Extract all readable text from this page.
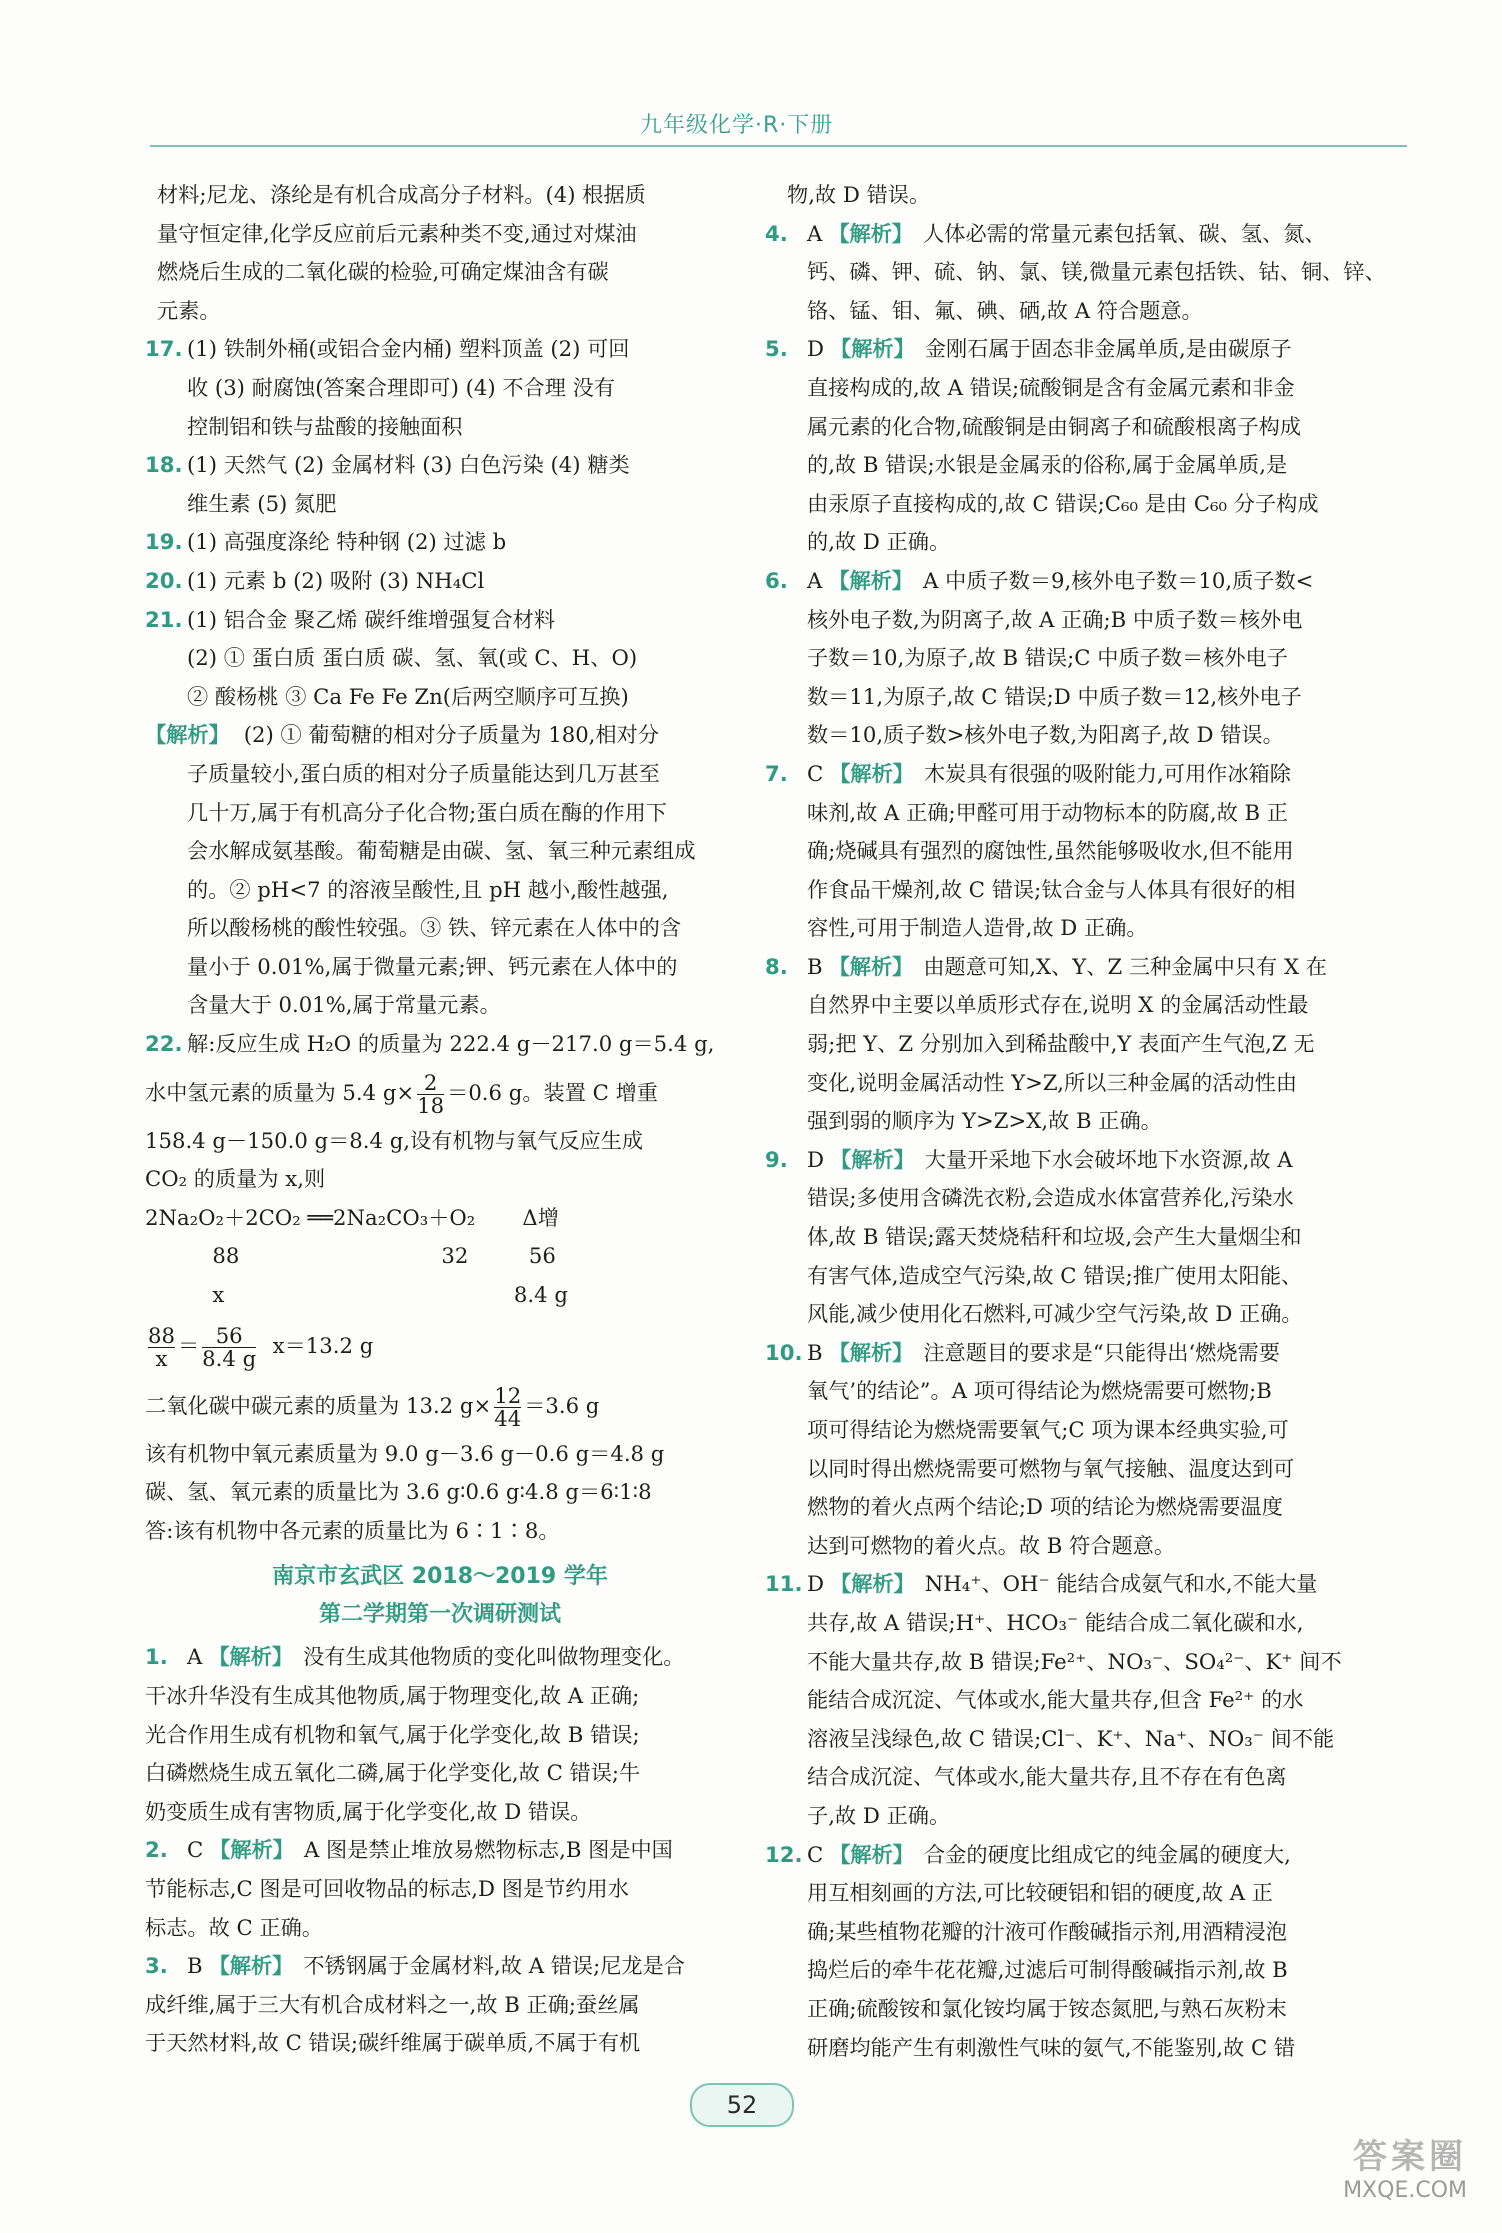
九年级化学·R·下册
材料;尼龙、涤纶是有机合成高分子材料。(4) 根据质
量守恒定律,化学反应前后元素种类不变,通过对煤油
燃烧后生成的二氧化碳的检验,可确定煤油含有碳
元素。
17. (1) 铁制外桶(或铝合金内桶) 塑料顶盖 (2) 可回
收 (3) 耐腐蚀(答案合理即可) (4) 不合理 没有
控制铝和铁与盐酸的接触面积
18. (1) 天然气 (2) 金属材料 (3) 白色污染 (4) 糖类
维生素 (5) 氮肥
19. (1) 高强度涤纶 特种钢 (2) 过滤 b
20. (1) 元素 b (2) 吸附 (3) NH₄Cl
21. (1) 铝合金 聚乙烯 碳纤维增强复合材料
(2) ① 蛋白质 蛋白质 碳、氢、氧(或 C、H、O)
② 酸杨桃 ③ Ca Fe Fe Zn(后两空顺序可互换)
【解析】 (2) ① 葡萄糖的相对分子质量为 180,相对分
子质量较小,蛋白质的相对分子质量能达到几万甚至
几十万,属于有机高分子化合物;蛋白质在酶的作用下
会水解成氨基酸。葡萄糖是由碳、氢、氧三种元素组成
的。② pH<7 的溶液呈酸性,且 pH 越小,酸性越强,
所以酸杨桃的酸性较强。③ 铁、锌元素在人体中的含
量小于 0.01%,属于微量元素;钾、钙元素在人体中的
含量大于 0.01%,属于常量元素。
22. 解:反应生成 H₂O 的质量为 222.4 g－217.0 g＝5.4 g,
水中氢元素的质量为 5.4 $g\times \frac{2}{18} =0.6$ g。装置 C 增重
158.4 g－150.0 g＝8.4 g,设有机物与氧气反应生成
CO₂ 的质量为 x,则
2Na₂O₂＋2CO₂ ══2Na₂CO₃＋O₂       Δ增
88                              32         56
x                                           8.4 g
$\frac{88}{x} = \frac{56}{8.4 g} x=13.2$ g
二氧化碳中碳元素的质量为 13.2 $g\times \frac{12}{44} =3.6$ g
该有机物中氧元素质量为 9.0 g－3.6 g－0.6 g＝4.8 g
碳、氢、氧元素的质量比为 3.6 g∶0.6 g∶4.8 g＝6∶1∶8
答:该有机物中各元素的质量比为 6∶1∶8。
南京市玄武区 2018～2019 学年
第二学期第一次调研测试
1. A 【解析】 没有生成其他物质的变化叫做物理变化。
干冰升华没有生成其他物质,属于物理变化,故 A 正确;
光合作用生成有机物和氧气,属于化学变化,故 B 错误;
白磷燃烧生成五氧化二磷,属于化学变化,故 C 错误;牛
奶变质生成有害物质,属于化学变化,故 D 错误。
2. C 【解析】 A 图是禁止堆放易燃物标志,B 图是中国
节能标志,C 图是可回收物品的标志,D 图是节约用水
标志。故 C 正确。
3. B 【解析】 不锈钢属于金属材料,故 A 错误;尼龙是合
成纤维,属于三大有机合成材料之一,故 B 正确;蚕丝属
于天然材料,故 C 错误;碳纤维属于碳单质,不属于有机
物,故 D 错误。
4. A 【解析】 人体必需的常量元素包括氧、碳、氢、氮、
钙、磷、钾、硫、钠、氯、镁,微量元素包括铁、钴、铜、锌、
铬、锰、钼、氟、碘、硒,故 A 符合题意。
5. D 【解析】 金刚石属于固态非金属单质,是由碳原子
直接构成的,故 A 错误;硫酸铜是含有金属元素和非金
属元素的化合物,硫酸铜是由铜离子和硫酸根离子构成
的,故 B 错误;水银是金属汞的俗称,属于金属单质,是
由汞原子直接构成的,故 C 错误;C₆₀ 是由 C₆₀ 分子构成
的,故 D 正确。
6. A 【解析】 A 中质子数＝9,核外电子数＝10,质子数<
核外电子数,为阴离子,故 A 正确;B 中质子数＝核外电
子数＝10,为原子,故 B 错误;C 中质子数＝核外电子
数＝11,为原子,故 C 错误;D 中质子数＝12,核外电子
数＝10,质子数>核外电子数,为阳离子,故 D 错误。
7. C 【解析】 木炭具有很强的吸附能力,可用作冰箱除
味剂,故 A 正确;甲醛可用于动物标本的防腐,故 B 正
确;烧碱具有强烈的腐蚀性,虽然能够吸收水,但不能用
作食品干燥剂,故 C 错误;钛合金与人体具有很好的相
容性,可用于制造人造骨,故 D 正确。
8. B 【解析】 由题意可知,X、Y、Z 三种金属中只有 X 在
自然界中主要以单质形式存在,说明 X 的金属活动性最
弱;把 Y、Z 分别加入到稀盐酸中,Y 表面产生气泡,Z 无
变化,说明金属活动性 Y>Z,所以三种金属的活动性由
强到弱的顺序为 Y>Z>X,故 B 正确。
9. D 【解析】 大量开采地下水会破坏地下水资源,故 A
错误;多使用含磷洗衣粉,会造成水体富营养化,污染水
体,故 B 错误;露天焚烧秸秆和垃圾,会产生大量烟尘和
有害气体,造成空气污染,故 C 错误;推广使用太阳能、
风能,减少使用化石燃料,可减少空气污染,故 D 正确。
10. B 【解析】 注意题目的要求是“只能得出‘燃烧需要
氧气’的结论”。A 项可得结论为燃烧需要可燃物;B
项可得结论为燃烧需要氧气;C 项为课本经典实验,可
以同时得出燃烧需要可燃物与氧气接触、温度达到可
燃物的着火点两个结论;D 项的结论为燃烧需要温度
达到可燃物的着火点。故 B 符合题意。
11. D 【解析】 NH₄⁺、OH⁻ 能结合成氨气和水,不能大量
共存,故 A 错误;H⁺、HCO₃⁻ 能结合成二氧化碳和水,
不能大量共存,故 B 错误;Fe²⁺、NO₃⁻、SO₄²⁻、K⁺ 间不
能结合成沉淀、气体或水,能大量共存,但含 Fe²⁺ 的水
溶液呈浅绿色,故 C 错误;Cl⁻、K⁺、Na⁺、NO₃⁻ 间不能
结合成沉淀、气体或水,能大量共存,且不存在有色离
子,故 D 正确。
12. C 【解析】 合金的硬度比组成它的纯金属的硬度大,
用互相刻画的方法,可比较硬铝和铝的硬度,故 A 正
确;某些植物花瓣的汁液可作酸碱指示剂,用酒精浸泡
捣烂后的牵牛花花瓣,过滤后可制得酸碱指示剂,故 B
正确;硫酸铵和氯化铵均属于铵态氮肥,与熟石灰粉末
研磨均能产生有刺激性气味的氨气,不能鉴别,故 C 错
52
答案圈
MXQE.COM
